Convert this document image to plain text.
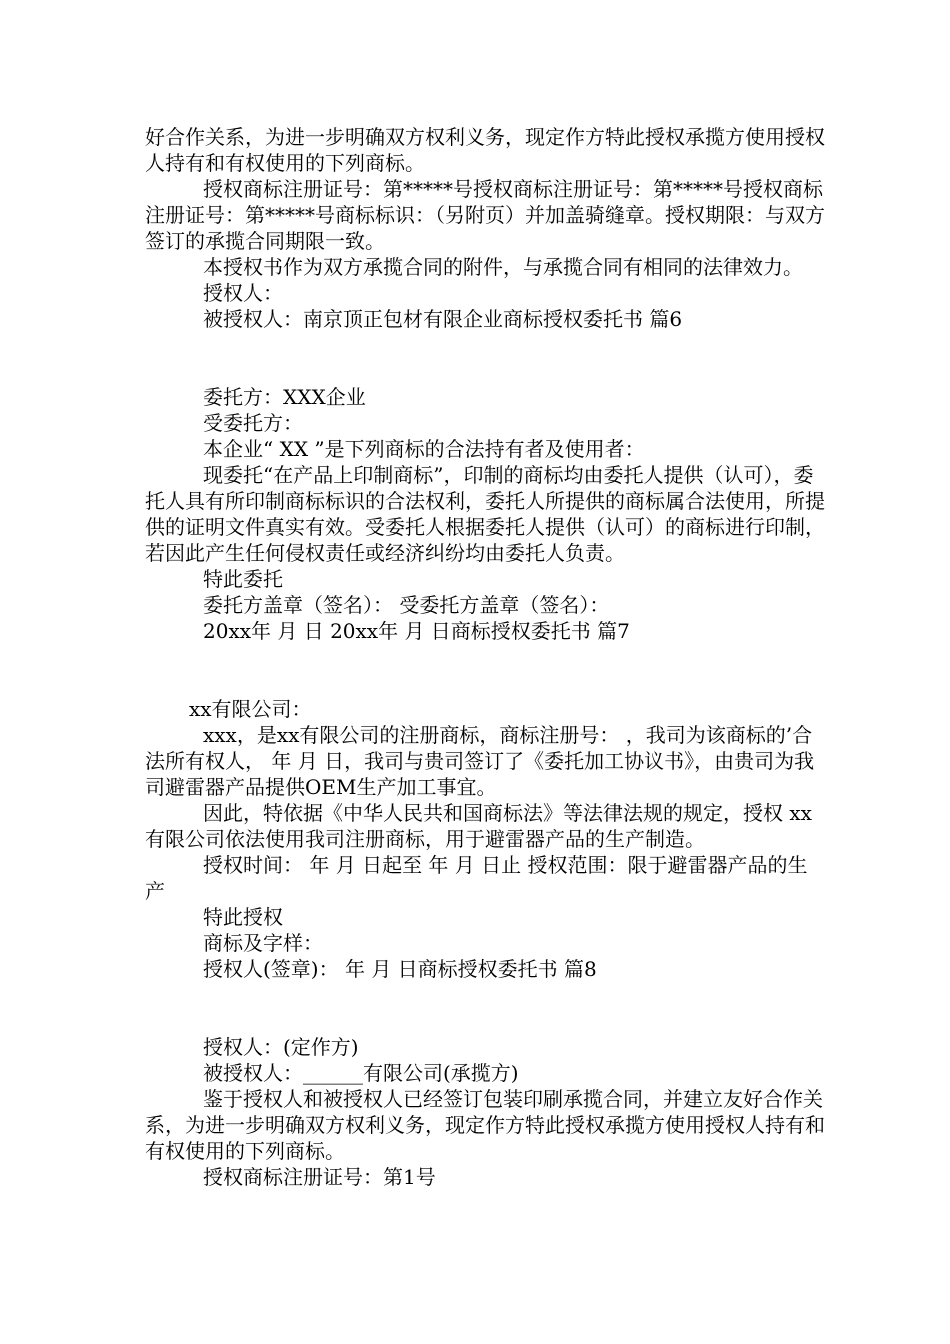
好合作关系，为进一步明确双方权利义务，现定作方特此授权承揽方使用授权人持有和有权使用的下列商标。

授权商标注册证号：第*****号授权商标注册证号：第*****号授权商标注册证号：第*****号商标标识：（另附页）并加盖骑缝章。授权期限：与双方签订的承揽合同期限一致。

本授权书作为双方承揽合同的附件，与承揽合同有相同的法律效力。

授权人：

被授权人：南京顶正包材有限企业商标授权委托书 篇6

委托方：XXX企业

受委托方：

本企业“ XX ”是下列商标的合法持有者及使用者：

现委托“在产品上印制商标”，印制的商标均由委托人提供（认可），委托人具有所印制商标标识的合法权利，委托人所提供的商标属合法使用，所提供的证明文件真实有效。受委托人根据委托人提供（认可）的商标进行印制，若因此产生任何侵权责任或经济纠纷均由委托人负责。

特此委托

委托方盖章（签名）： 受委托方盖章（签名）：

20xx年 月 日 20xx年 月 日商标授权委托书 篇7

xx有限公司：

xxx，是xx有限公司的注册商标，商标注册号： ，我司为该商标的’合法所有权人， 年 月 日，我司与贵司签订了《委托加工协议书》，由贵司为我司避雷器产品提供OEM生产加工事宜。

因此，特依据《中华人民共和国商标法》等法律法规的规定，授权 xx 有限公司依法使用我司注册商标，用于避雷器产品的生产制造。

授权时间： 年 月 日起至 年 月 日止 授权范围：限于避雷器产品的生产

特此授权

商标及字样：

授权人(签章)： 年 月 日商标授权委托书 篇8

授权人：(定作方)

被授权人：______有限公司(承揽方)

鉴于授权人和被授权人已经签订包装印刷承揽合同，并建立友好合作关系，为进一步明确双方权利义务，现定作方特此授权承揽方使用授权人持有和有权使用的下列商标。

授权商标注册证号：第1号
